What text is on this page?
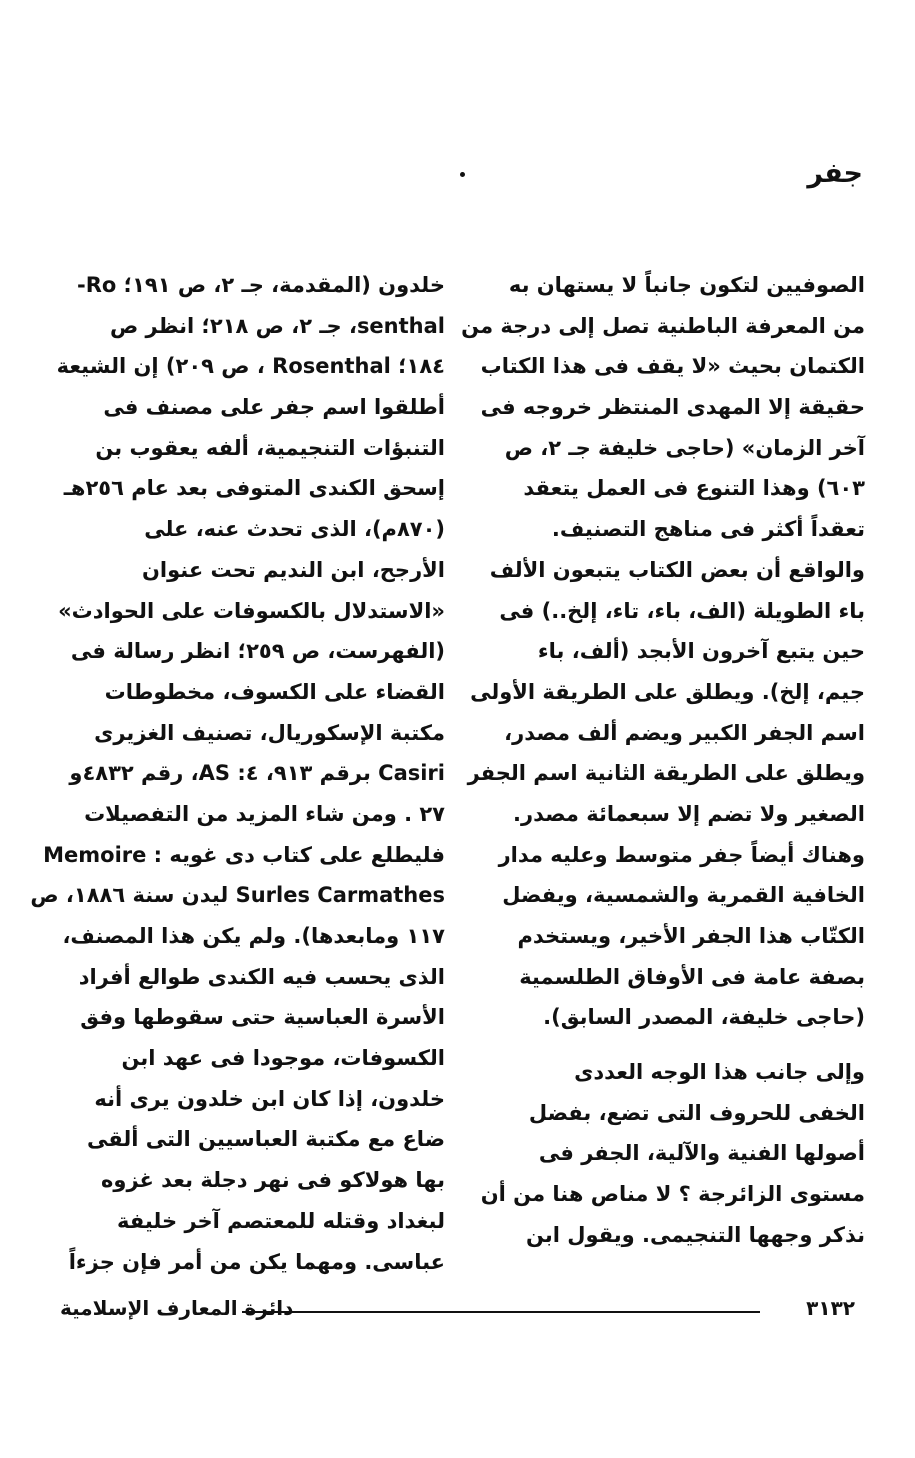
جفر
الصوفيين لتكون جانباً لا يستهان به
من المعرفة الباطنية تصل إلى درجة من
الكتمان بحيث «لا يقف فى هذا الكتاب
حقيقة إلا المهدى المنتظر خروجه فى
آخر الزمان» (حاجى خليفة جـ ٢، ص
٦٠٣) وهذا التنوع فى العمل يتعقد
تعقداً أكثر فى مناهج التصنيف.
والواقع أن بعض الكتاب يتبعون الألف
باء الطويلة (الف، باء، تاء، إلخ..) فى
حين يتبع آخرون الأبجد (ألف، باء
جيم، إلخ). ويطلق على الطريقة الأولى
اسم الجفر الكبير ويضم ألف مصدر،
ويطلق على الطريقة الثانية اسم الجفر
الصغير ولا تضم إلا سبعمائة مصدر.
وهناك أيضاً جفر متوسط وعليه مدار
الخافية القمرية والشمسية، ويفضل
الكتّاب هذا الجفر الأخير، ويستخدم
بصفة عامة فى الأوفاق الطلسمية
(حاجى خليفة، المصدر السابق).
وإلى جانب هذا الوجه العددى
الخفى للحروف التى تضع، بفضل
أصولها الفنية والآلية، الجفر فى
مستوى الزائرجة ؟ لا مناص هنا من أن
نذكر وجهها التنجيمى. ويقول ابن
خلدون (المقدمة، جـ ٢، ص ١٩١؛ Ro-
senthal، جـ ٢، ص ٢١٨؛ انظر ص
١٨٤؛ Rosenthal ، ص ٢٠٩) إن الشيعة
أطلقوا اسم جفر على مصنف فى
التنبؤات التنجيمية، ألفه يعقوب بن
إسحق الكندى المتوفى بعد عام ٢٥٦هـ
(٨٧٠م)، الذى تحدث عنه، على
الأرجح، ابن النديم تحت عنوان
«الاستدلال بالكسوفات على الحوادث»
(الفهرست، ص ٢٥٩؛ انظر رسالة فى
القضاء على الكسوف، مخطوطات
مكتبة الإسكوريال، تصنيف الغزيرى
Casiri برقم ٩١٣، ٤: AS، رقم ٤٨٣٢و
٢٧ . ومن شاء المزيد من التفصيلات
فليطلع على كتاب دى غويه : Memoire
Surles Carmathes ليدن سنة ١٨٨٦، ص
١١٧ ومابعدها). ولم يكن هذا المصنف،
الذى يحسب فيه الكندى طوالع أفراد
الأسرة العباسية حتى سقوطها وفق
الكسوفات، موجودا فى عهد ابن
خلدون، إذا كان ابن خلدون يرى أنه
ضاع مع مكتبة العباسيين التى ألقى
بها هولاكو فى نهر دجلة بعد غزوه
لبغداد وقتله للمعتصم آخر خليفة
عباسى. ومهما يكن من أمر فإن جزءاً
٣١٣٢
دائرة المعارف الإسلامية
